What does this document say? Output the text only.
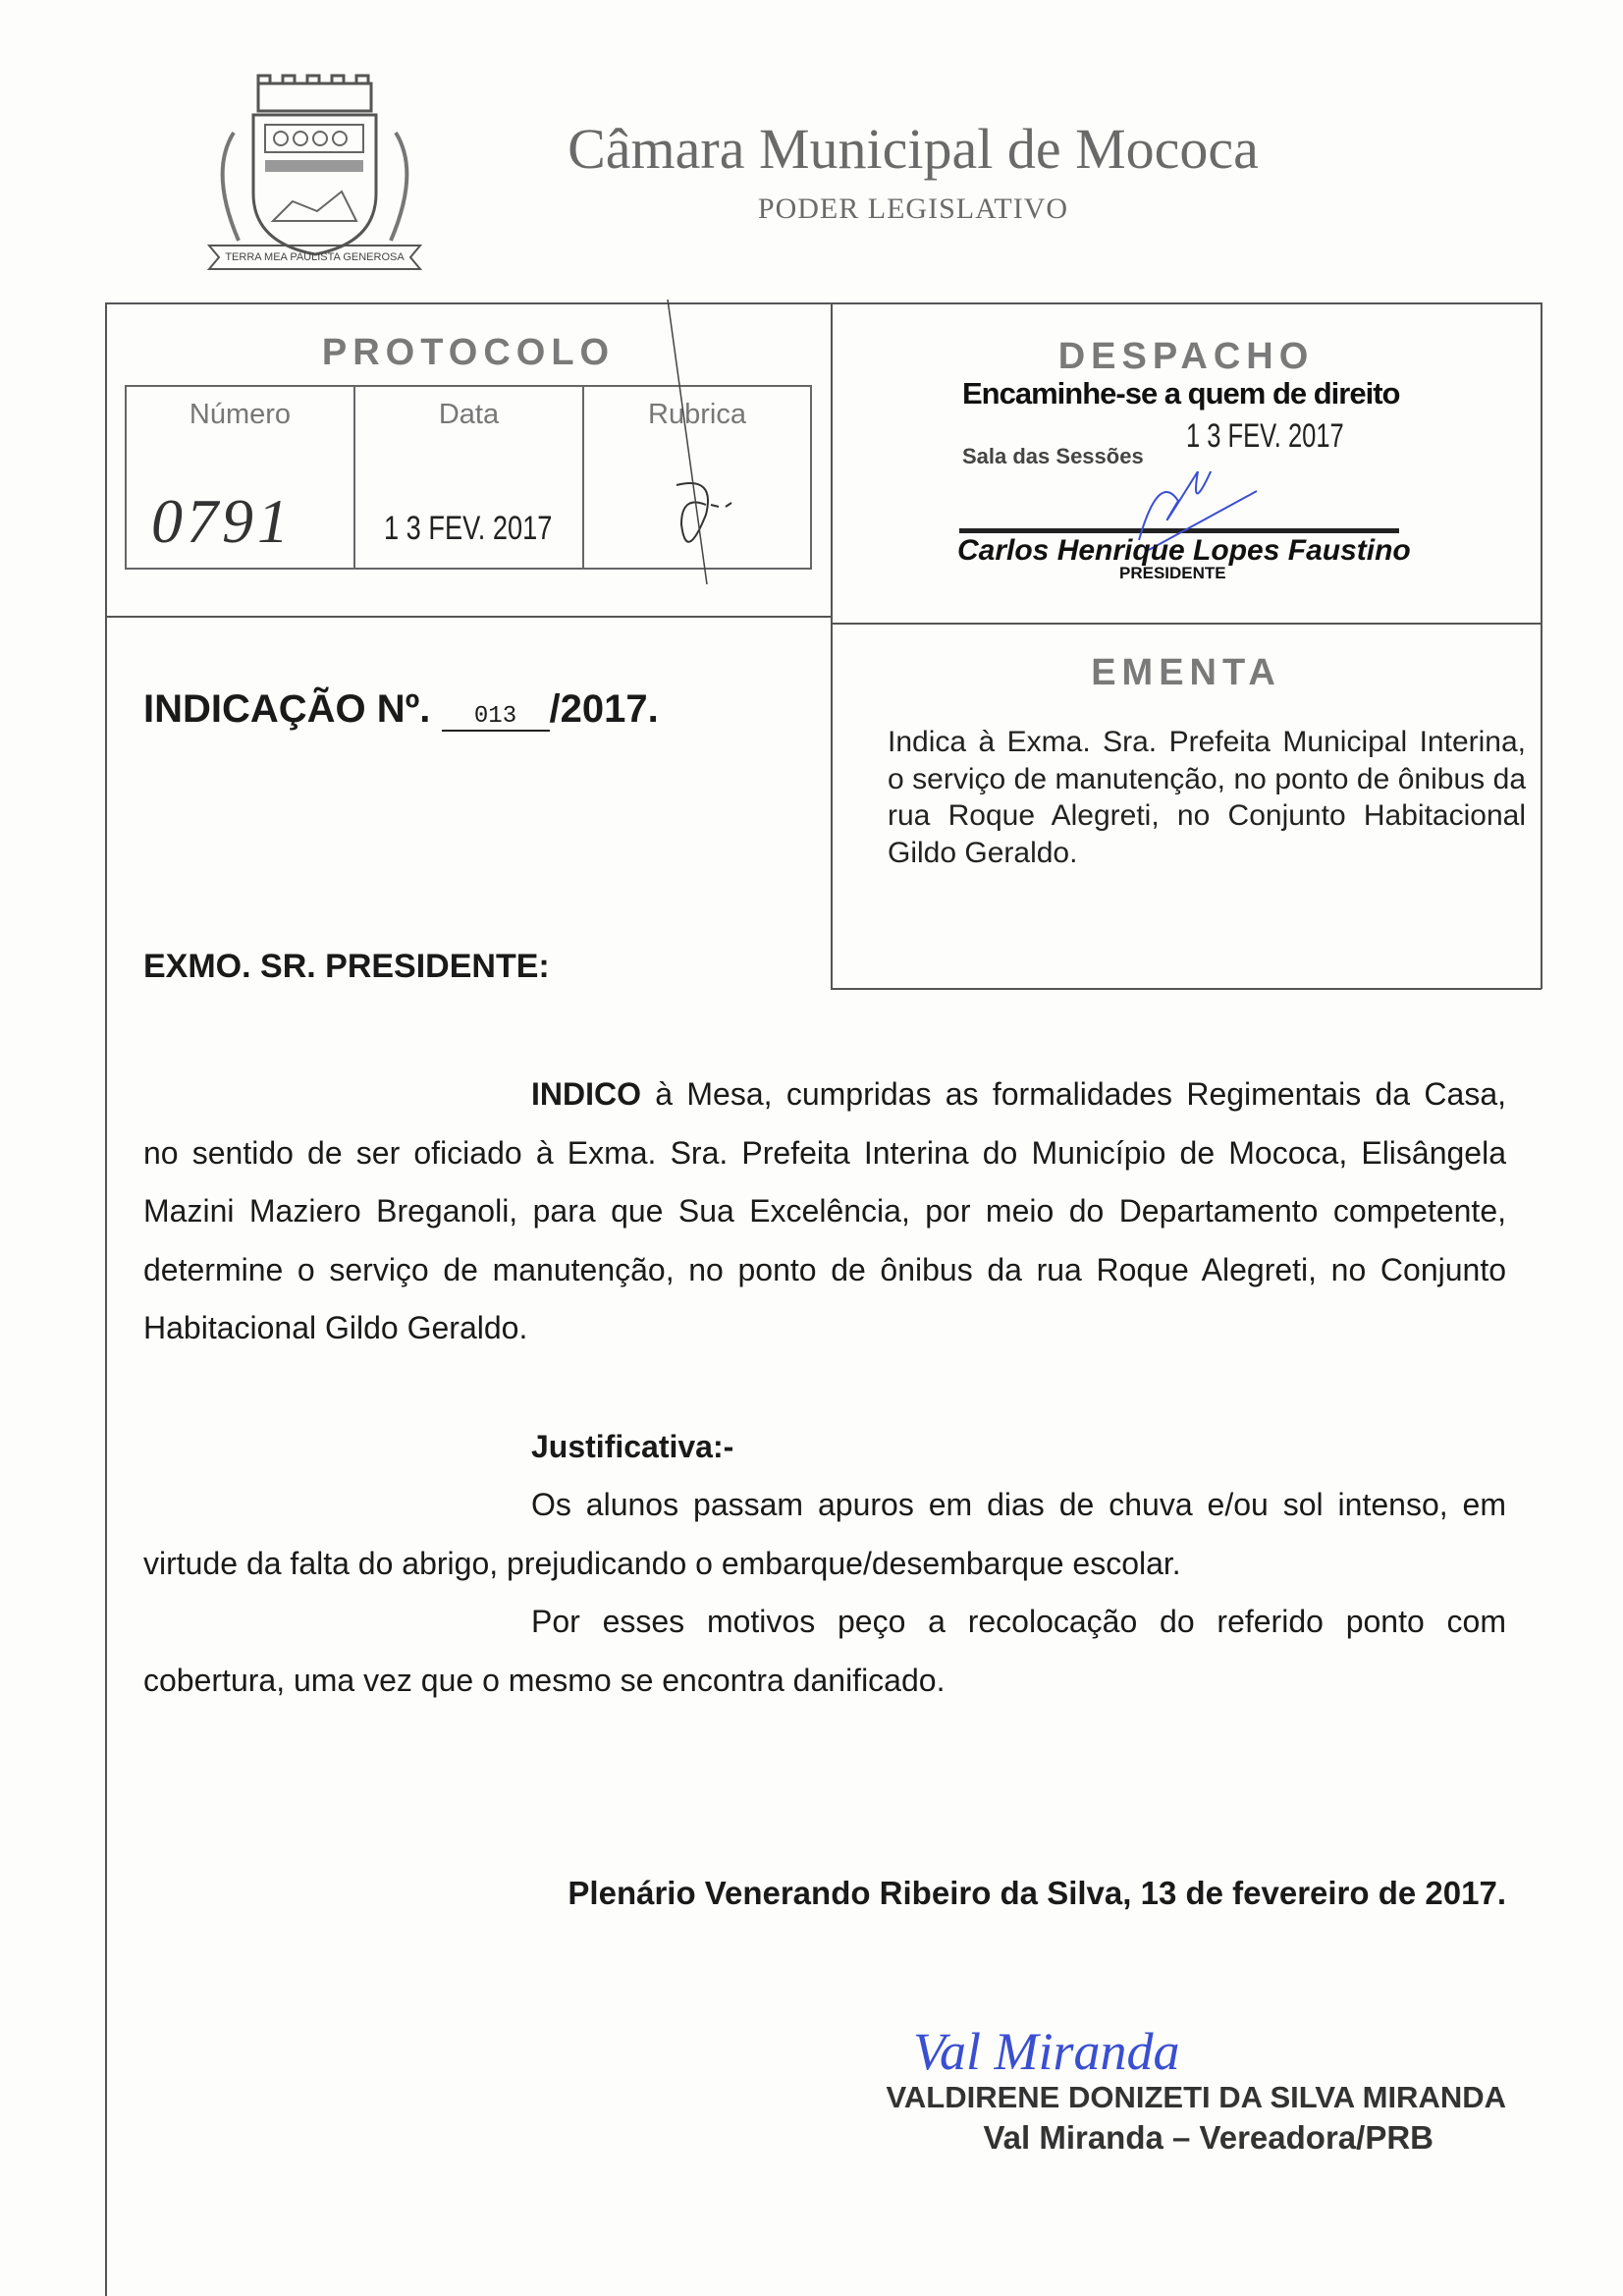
TERRA MEA PAULISTA GENEROSA
Câmara Municipal de Mococa
PODER LEGISLATIVO
PROTOCOLO
Número	Data	Rubrica
0791	1 3 FEV. 2017
DESPACHO
Encaminhe-se a quem de direito
1 3 FEV. 2017
Sala das Sessões
Carlos Henrique Lopes Faustino
PRESIDENTE
INDICAÇÃO Nº. 013 /2017.
EMENTA
Indica à Exma. Sra. Prefeita Municipal Interina, o serviço de manutenção, no ponto de ônibus da rua Roque Alegreti, no Conjunto Habitacional Gildo Geraldo.
EXMO. SR. PRESIDENTE:
INDICO à Mesa, cumpridas as formalidades Regimentais da Casa, no sentido de ser oficiado à Exma. Sra. Prefeita Interina do Município de Mococa, Elisângela Mazini Maziero Breganoli, para que Sua Excelência, por meio do Departamento competente, determine o serviço de manutenção, no ponto de ônibus da rua Roque Alegreti, no Conjunto Habitacional Gildo Geraldo.
Justificativa:-
Os alunos passam apuros em dias de chuva e/ou sol intenso, em virtude da falta do abrigo, prejudicando o embarque/desembarque escolar.
Por esses motivos peço a recolocação do referido ponto com cobertura, uma vez que o mesmo se encontra danificado.
Plenário Venerando Ribeiro da Silva, 13 de fevereiro de 2017.
Val Miranda
VALDIRENE DONIZETI DA SILVA MIRANDA
Val Miranda – Vereadora/PRB
